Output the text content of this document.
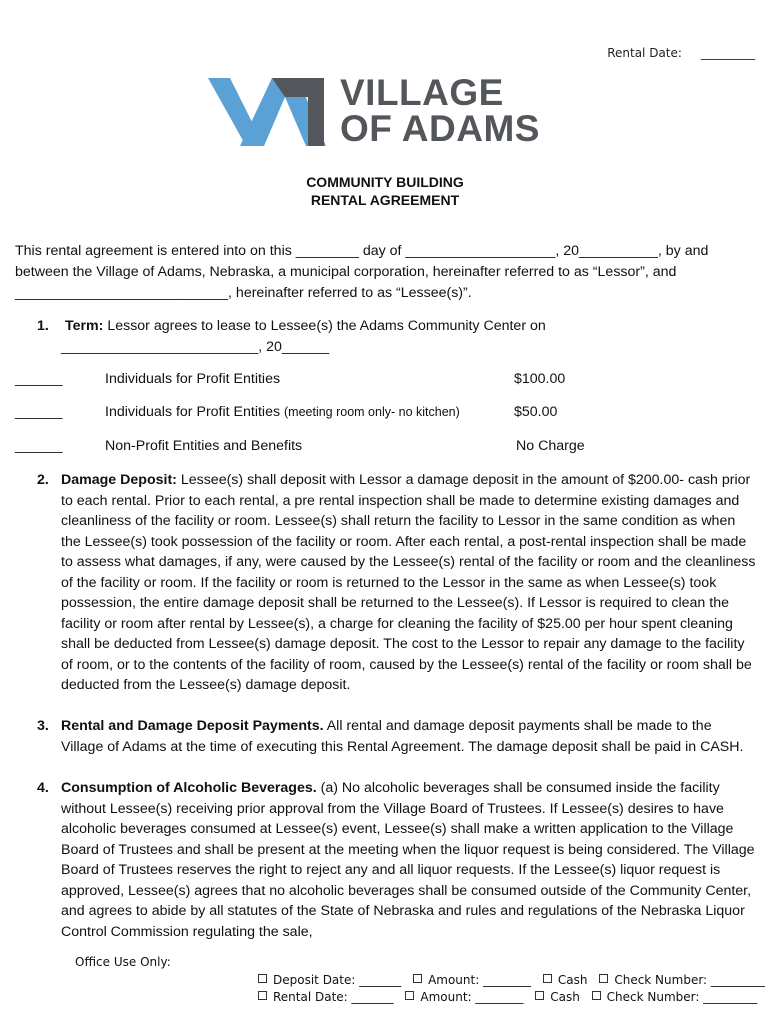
Rental Date: _________
VILLAGE
OF ADAMS
COMMUNITY BUILDING
RENTAL AGREEMENT
This rental agreement is entered into on this ________ day of ___________________, 20__________, by and between the Village of Adams, Nebraska, a municipal corporation, hereinafter referred to as “Lessor”, and ___________________________, hereinafter referred to as “Lessee(s)”.
1. Term: Lessor agrees to lease to Lessee(s) the Adams Community Center on
_________________________, 20______
______	Individuals for Profit Entities	$100.00
______	Individuals for Profit Entities (meeting room only- no kitchen)	$50.00
______	Non-Profit Entities and Benefits	No Charge
2. Damage Deposit: Lessee(s) shall deposit with Lessor a damage deposit in the amount of $200.00- cash prior to each rental. Prior to each rental, a pre rental inspection shall be made to determine existing damages and cleanliness of the facility or room. Lessee(s) shall return the facility to Lessor in the same condition as when the Lessee(s) took possession of the facility or room. After each rental, a post-rental inspection shall be made to assess what damages, if any, were caused by the Lessee(s) rental of the facility or room and the cleanliness of the facility or room. If the facility or room is returned to the Lessor in the same as when Lessee(s) took possession, the entire damage deposit shall be returned to the Lessee(s). If Lessor is required to clean the facility or room after rental by Lessee(s), a charge for cleaning the facility of $25.00 per hour spent cleaning shall be deducted from Lessee(s) damage deposit. The cost to the Lessor to repair any damage to the facility of room, or to the contents of the facility of room, caused by the Lessee(s) rental of the facility or room shall be deducted from the Lessee(s) damage deposit.
3. Rental and Damage Deposit Payments. All rental and damage deposit payments shall be made to the Village of Adams at the time of executing this Rental Agreement. The damage deposit shall be paid in CASH.
4. Consumption of Alcoholic Beverages. (a) No alcoholic beverages shall be consumed inside the facility without Lessee(s) receiving prior approval from the Village Board of Trustees. If Lessee(s) desires to have alcoholic beverages consumed at Lessee(s) event, Lessee(s) shall make a written application to the Village Board of Trustees and shall be present at the meeting when the liquor request is being considered. The Village Board of Trustees reserves the right to reject any and all liquor requests. If the Lessee(s) liquor request is approved, Lessee(s) agrees that no alcoholic beverages shall be consumed outside of the Community Center, and agrees to abide by all statutes of the State of Nebraska and rules and regulations of the Nebraska Liquor Control Commission regulating the sale,
Office Use Only:
Deposit Date: _______ Amount: ________ Cash Check Number: _________
Rental Date: _______ Amount: ________ Cash Check Number: _________
